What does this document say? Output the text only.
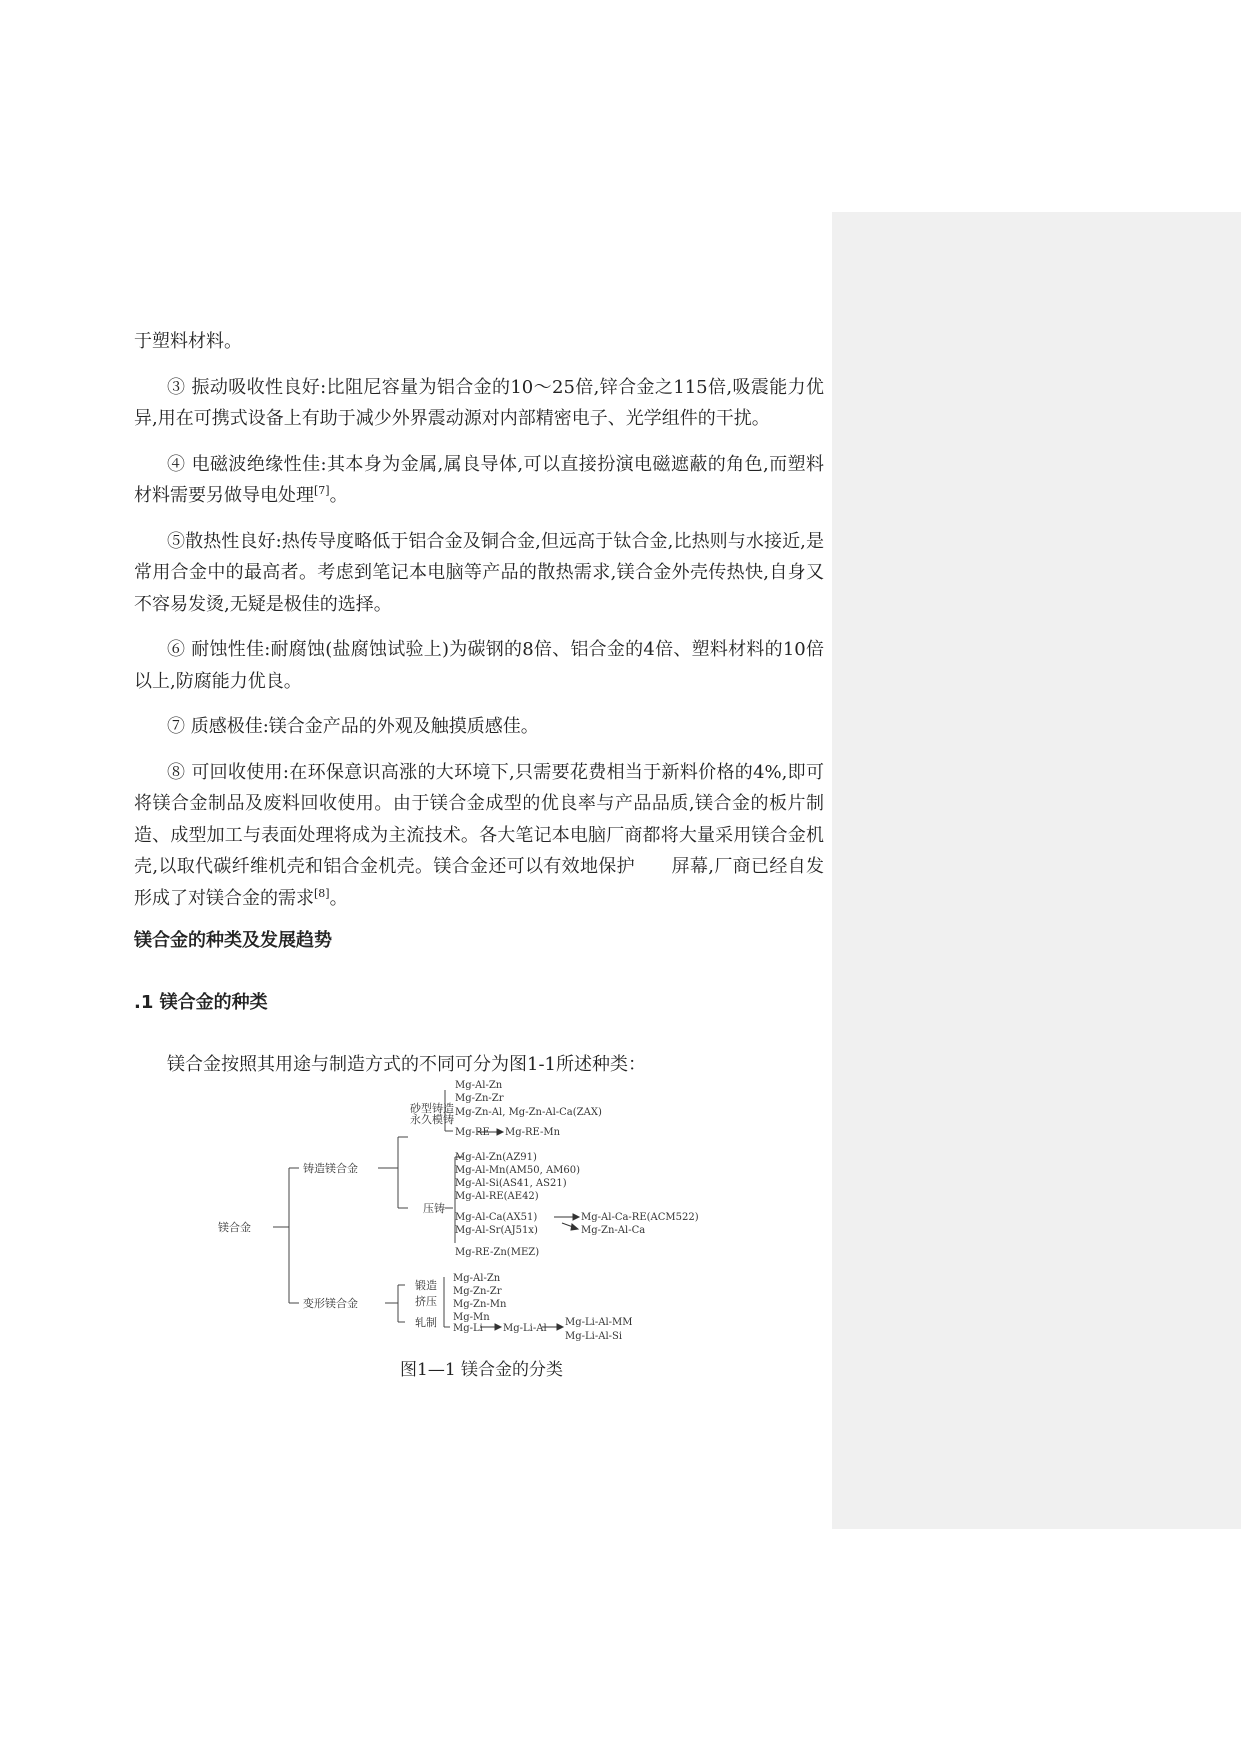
于塑料材料。

③ 振动吸收性良好:比阻尼容量为铝合金的10～25倍,锌合金之115倍,吸震能力优异,用在可携式设备上有助于减少外界震动源对内部精密电子、光学组件的干扰。

④ 电磁波绝缘性佳:其本身为金属,属良导体,可以直接扮演电磁遮蔽的角色,而塑料材料需要另做导电处理[7]。

⑤散热性良好:热传导度略低于铝合金及铜合金,但远高于钛合金,比热则与水接近,是常用合金中的最高者。考虑到笔记本电脑等产品的散热需求,镁合金外壳传热快,自身又不容易发烫,无疑是极佳的选择。

⑥ 耐蚀性佳:耐腐蚀(盐腐蚀试验上)为碳钢的8倍、铝合金的4倍、塑料材料的10倍以上,防腐能力优良。

⑦ 质感极佳:镁合金产品的外观及触摸质感佳。

⑧ 可回收使用:在环保意识高涨的大环境下,只需要花费相当于新料价格的4%,即可将镁合金制品及废料回收使用。由于镁合金成型的优良率与产品品质,镁合金的板片制造、成型加工与表面处理将成为主流技术。各大笔记本电脑厂商都将大量采用镁合金机壳,以取代碳纤维机壳和铝合金机壳。镁合金还可以有效地保护　　屏幕,厂商已经自发形成了对镁合金的需求[8]。

镁合金的种类及发展趋势
.1 镁合金的种类
镁合金按照其用途与制造方式的不同可分为图1-1所述种类：
镁合金
铸造镁合金
砂型铸造
永久模铸
压铸
变形镁合金
锻造
挤压
轧制
Mg-Al-Zn
Mg-Zn-Zr
Mg-Zn-Al, Mg-Zn-Al-Ca(ZAX)
Mg-RE Mg-RE-Mn
Mg-Al-Zn(AZ91)
Mg-Al-Mn(AM50, AM60)
Mg-Al-Si(AS41, AS21)
Mg-Al-RE(AE42)
Mg-Al-Ca(AX51)
Mg-Al-Sr(AJ51x)
Mg-RE-Zn(MEZ)
Mg-Al-Ca-RE(ACM522)
Mg-Zn-Al-Ca
Mg-Al-Zn
Mg-Zn-Zr
Mg-Zn-Mn
Mg-Mn
Mg-Li Mg-Li-Al
Mg-Li-Al-MM
Mg-Li-Al-Si
图1—1 镁合金的分类
